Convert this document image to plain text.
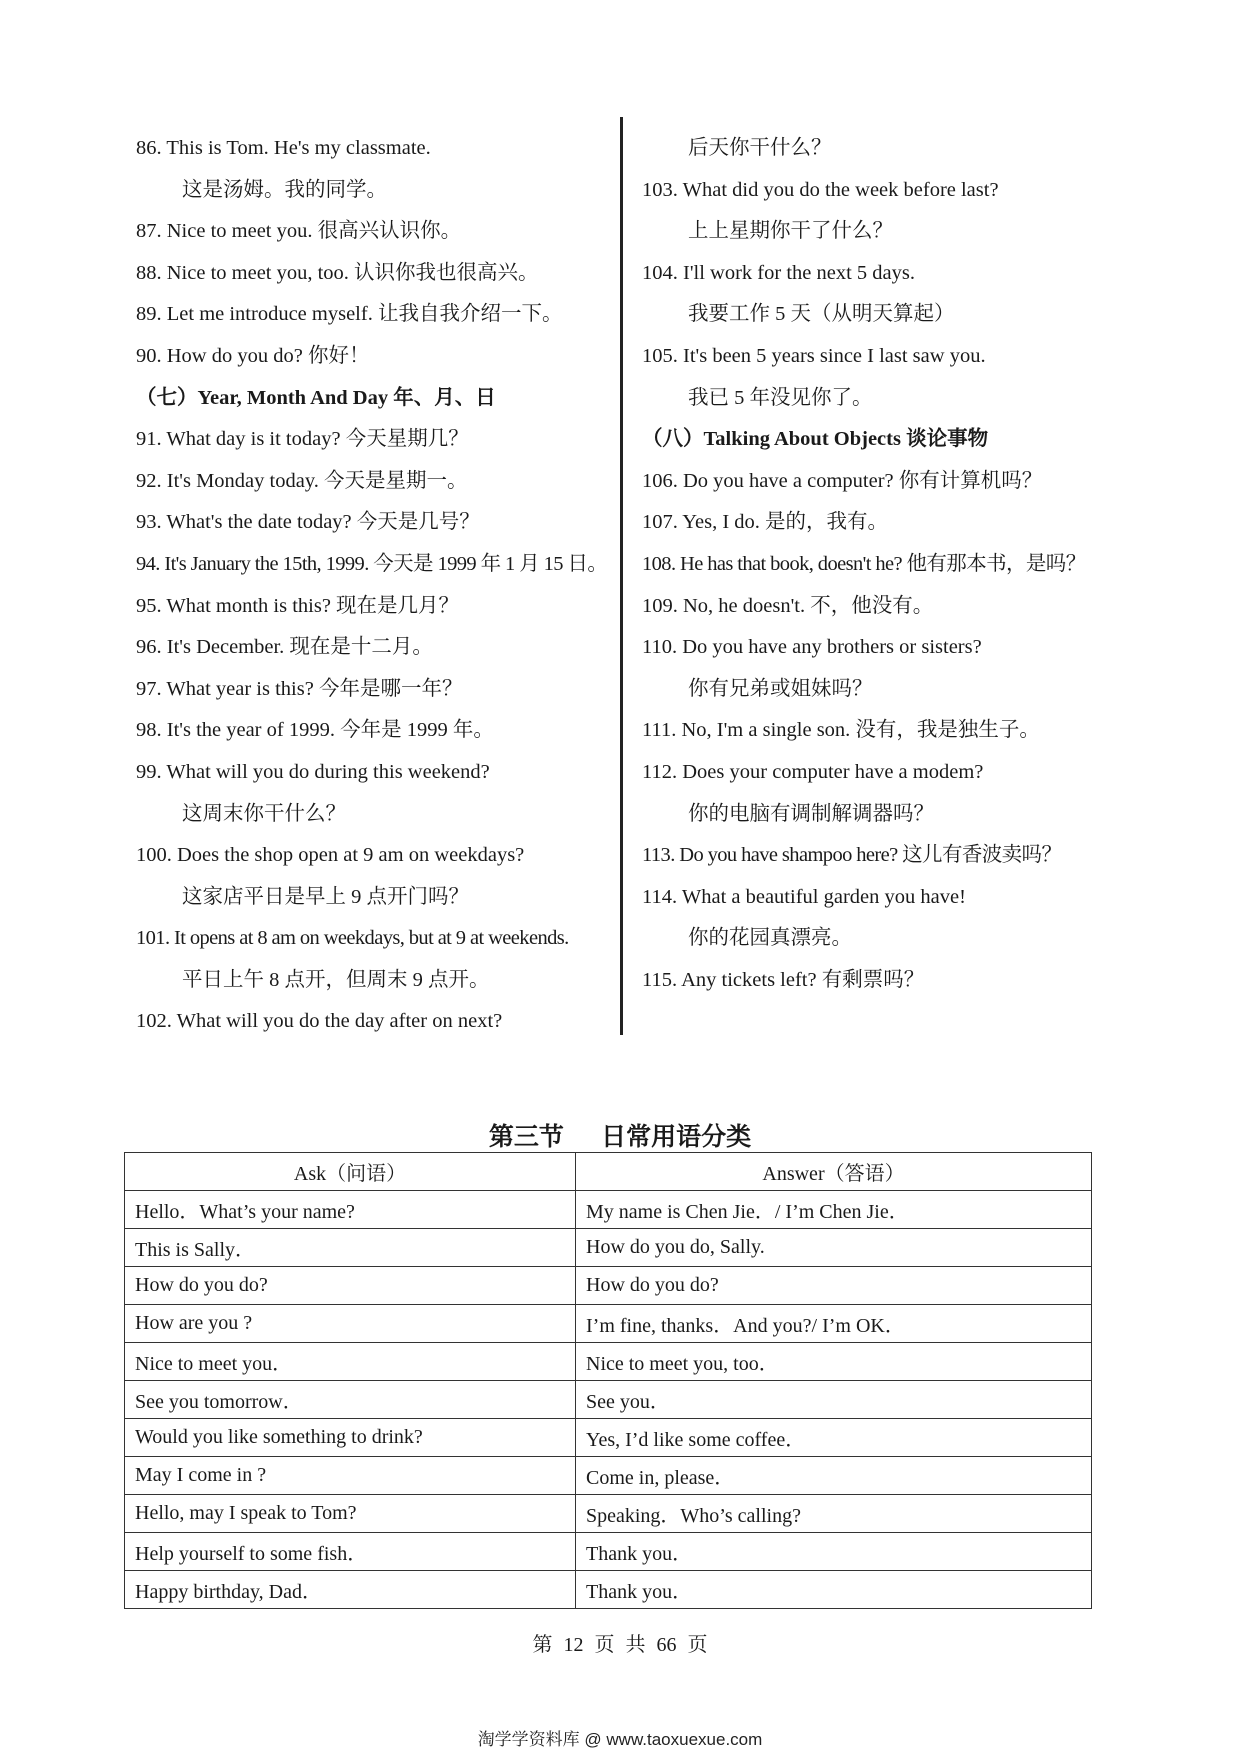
86. This is Tom. He's my classmate.
这是汤姆。我的同学。
87. Nice to meet you. 很高兴认识你。
88. Nice to meet you, too. 认识你我也很高兴。
89. Let me introduce myself. 让我自我介绍一下。
90. How do you do? 你好！
（七）Year, Month And Day 年、月、日
91. What day is it today? 今天星期几？
92. It's Monday today. 今天是星期一。
93. What's the date today? 今天是几号？
94. It's January the 15th, 1999. 今天是 1999 年 1 月 15 日。
95. What month is this? 现在是几月？
96. It's December. 现在是十二月。
97. What year is this? 今年是哪一年？
98. It's the year of 1999. 今年是 1999 年。
99. What will you do during this weekend?
这周末你干什么？
100. Does the shop open at 9 am on weekdays?
这家店平日是早上 9 点开门吗？
101. It opens at 8 am on weekdays, but at 9 at weekends.
平日上午 8 点开，但周末 9 点开。
102. What will you do the day after on next?
后天你干什么？
103. What did you do the week before last?
上上星期你干了什么？
104. I'll work for the next 5 days.
我要工作 5 天（从明天算起）
105. It's been 5 years since I last saw you.
我已 5 年没见你了。
（八）Talking About Objects 谈论事物
106. Do you have a computer? 你有计算机吗？
107. Yes, I do. 是的，我有。
108. He has that book, doesn't he? 他有那本书，是吗？
109. No, he doesn't. 不，他没有。
110. Do you have any brothers or sisters?
你有兄弟或姐妹吗？
111. No, I'm a single son. 没有，我是独生子。
112. Does your computer have a modem?
你的电脑有调制解调器吗？
113. Do you have shampoo here? 这儿有香波卖吗？
114. What a beautiful garden you have!
你的花园真漂亮。
115. Any tickets left? 有剩票吗？
第三节　 日常用语分类
Ask（问语）	Answer（答语）
Hello．What’s your name?	My name is Chen Jie．/ I’m Chen Jie．
This is Sally．	How do you do, Sally.
How do you do?	How do you do?
How are you ?	I’m fine, thanks．And you?/ I’m OK．
Nice to meet you．	Nice to meet you, too．
See you tomorrow．	See you．
Would you like something to drink?	Yes, I’d like some coffee．
May I come in ?	Come in, please．
Hello, may I speak to Tom?	Speaking．Who’s calling?
Help yourself to some fish．	Thank you．
Happy birthday, Dad．	Thank you．
第 12 页 共 66 页
淘学学资料库 @ www.taoxuexue.com
